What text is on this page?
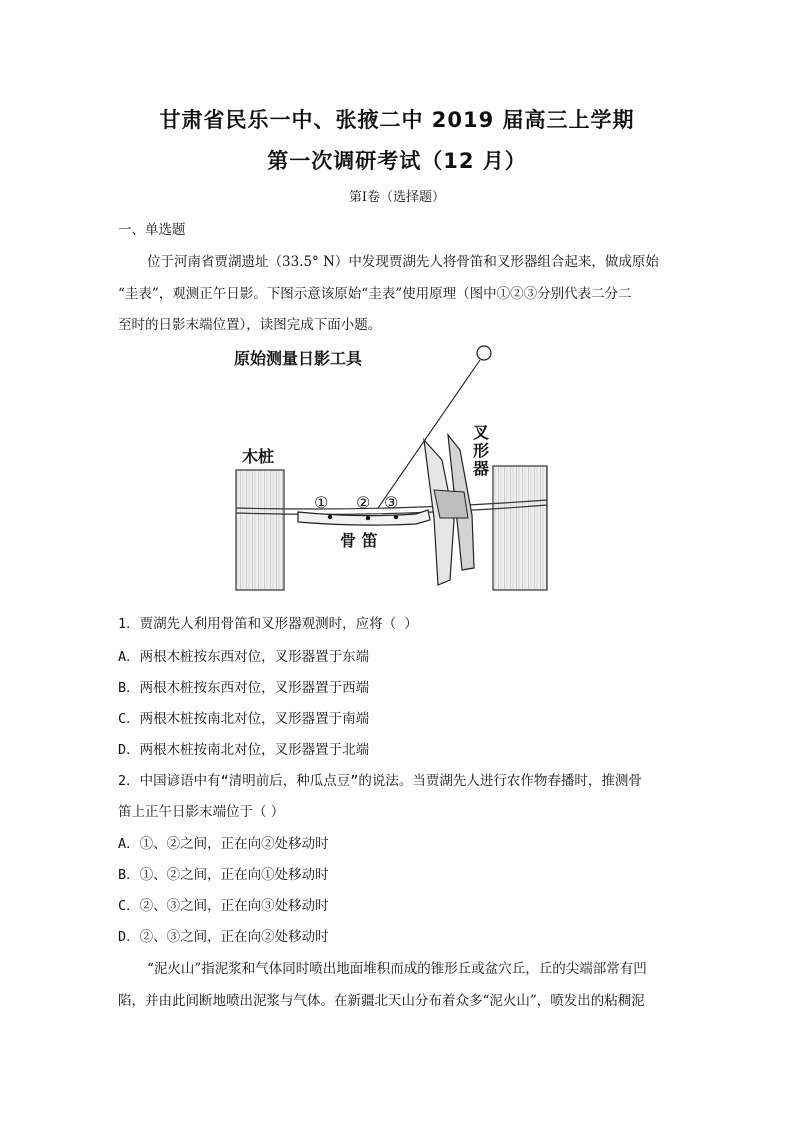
甘肃省民乐一中、张掖二中 2019 届高三上学期
第一次调研考试（12 月）
第Ⅰ卷（选择题）
一、单选题
位于河南省贾湖遗址（33.5° N）中发现贾湖先人将骨笛和叉形器组合起来，做成原始
“圭表”，观测正午日影。下图示意该原始“圭表”使用原理（图中①②③分别代表二分二
至时的日影末端位置），读图完成下面小题。
原始测量日影工具
木桩
叉
形
器
骨 笛
① ② ③
1．贾湖先人利用骨笛和叉形器观测时，应将（ ）
A．两根木桩按东西对位，叉形器置于东端
B．两根木桩按东西对位，叉形器置于西端
C．两根木桩按南北对位，叉形器置于南端
D．两根木桩按南北对位，叉形器置于北端
2．中国谚语中有“清明前后，种瓜点豆”的说法。当贾湖先人进行农作物春播时，推测骨
笛上正午日影末端位于（ ）
A．①、②之间，正在向②处移动时
B．①、②之间，正在向①处移动时
C．②、③之间，正在向③处移动时
D．②、③之间，正在向②处移动时
“泥火山”指泥浆和气体同时喷出地面堆积而成的锥形丘或盆穴丘，丘的尖端部常有凹
陷，并由此间断地喷出泥浆与气体。在新疆北天山分布着众多“泥火山”，喷发出的粘稠泥
